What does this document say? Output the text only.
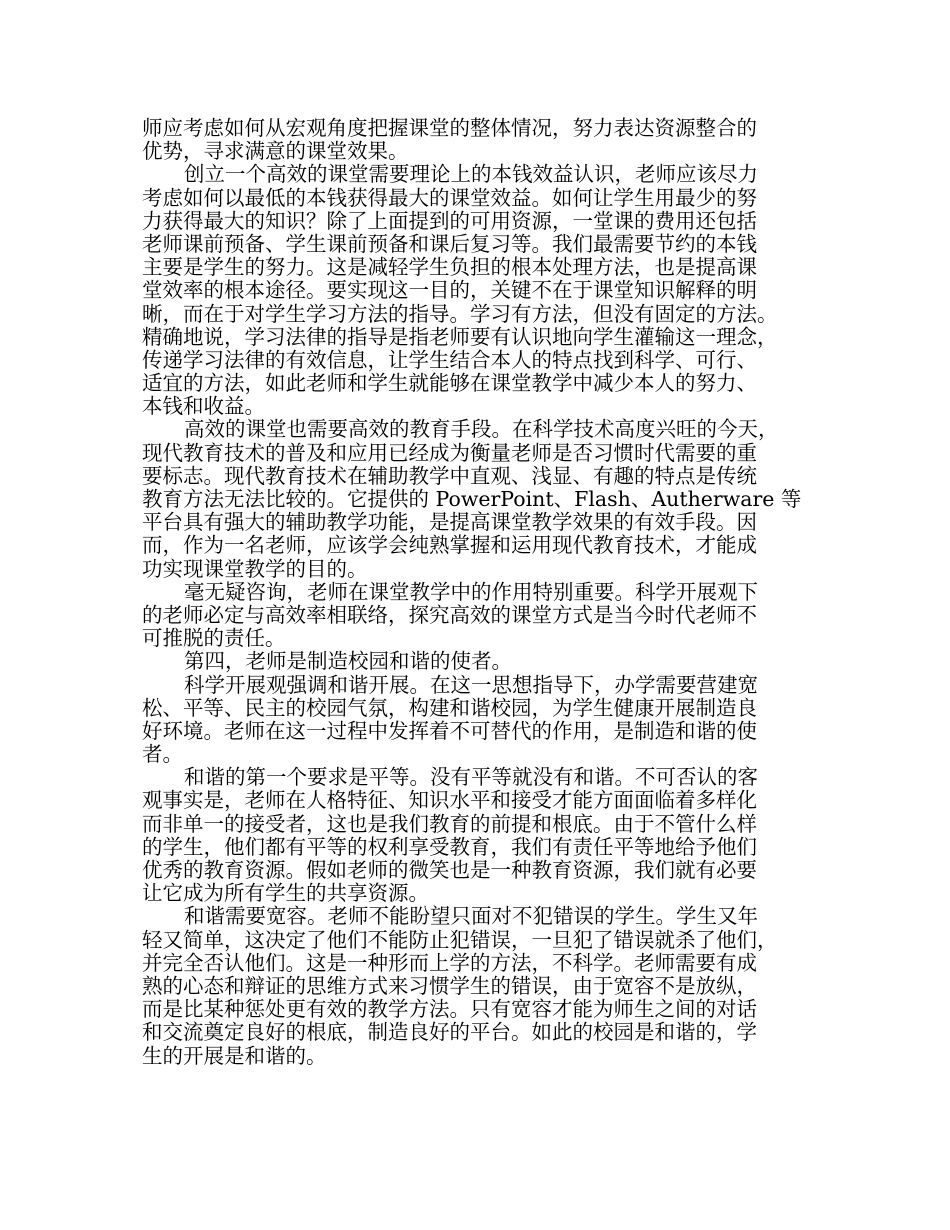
师应考虑如何从宏观角度把握课堂的整体情况，努力表达资源整合的
优势，寻求满意的课堂效果。
创立一个高效的课堂需要理论上的本钱效益认识，老师应该尽力
考虑如何以最低的本钱获得最大的课堂效益。如何让学生用最少的努
力获得最大的知识？除了上面提到的可用资源，一堂课的费用还包括
老师课前预备、学生课前预备和课后复习等。我们最需要节约的本钱
主要是学生的努力。这是减轻学生负担的根本处理方法，也是提高课
堂效率的根本途径。要实现这一目的，关键不在于课堂知识解释的明
晰，而在于对学生学习方法的指导。学习有方法，但没有固定的方法。
精确地说，学习法律的指导是指老师要有认识地向学生灌输这一理念，
传递学习法律的有效信息，让学生结合本人的特点找到科学、可行、
适宜的方法，如此老师和学生就能够在课堂教学中减少本人的努力、
本钱和收益。
高效的课堂也需要高效的教育手段。在科学技术高度兴旺的今天，
现代教育技术的普及和应用已经成为衡量老师是否习惯时代需要的重
要标志。现代教育技术在辅助教学中直观、浅显、有趣的特点是传统
教育方法无法比较的。它提供的 PowerPoint、Flash、Autherware 等
平台具有强大的辅助教学功能，是提高课堂教学效果的有效手段。因
而，作为一名老师，应该学会纯熟掌握和运用现代教育技术，才能成
功实现课堂教学的目的。
毫无疑咨询，老师在课堂教学中的作用特别重要。科学开展观下
的老师必定与高效率相联络，探究高效的课堂方式是当今时代老师不
可推脱的责任。
第四，老师是制造校园和谐的使者。
科学开展观强调和谐开展。在这一思想指导下，办学需要营建宽
松、平等、民主的校园气氛，构建和谐校园，为学生健康开展制造良
好环境。老师在这一过程中发挥着不可替代的作用，是制造和谐的使
者。
和谐的第一个要求是平等。没有平等就没有和谐。不可否认的客
观事实是，老师在人格特征、知识水平和接受才能方面面临着多样化
而非单一的接受者，这也是我们教育的前提和根底。由于不管什么样
的学生，他们都有平等的权利享受教育，我们有责任平等地给予他们
优秀的教育资源。假如老师的微笑也是一种教育资源，我们就有必要
让它成为所有学生的共享资源。
和谐需要宽容。老师不能盼望只面对不犯错误的学生。学生又年
轻又简单，这决定了他们不能防止犯错误，一旦犯了错误就杀了他们，
并完全否认他们。这是一种形而上学的方法，不科学。老师需要有成
熟的心态和辩证的思维方式来习惯学生的错误，由于宽容不是放纵，
而是比某种惩处更有效的教学方法。只有宽容才能为师生之间的对话
和交流奠定良好的根底，制造良好的平台。如此的校园是和谐的，学
生的开展是和谐的。
